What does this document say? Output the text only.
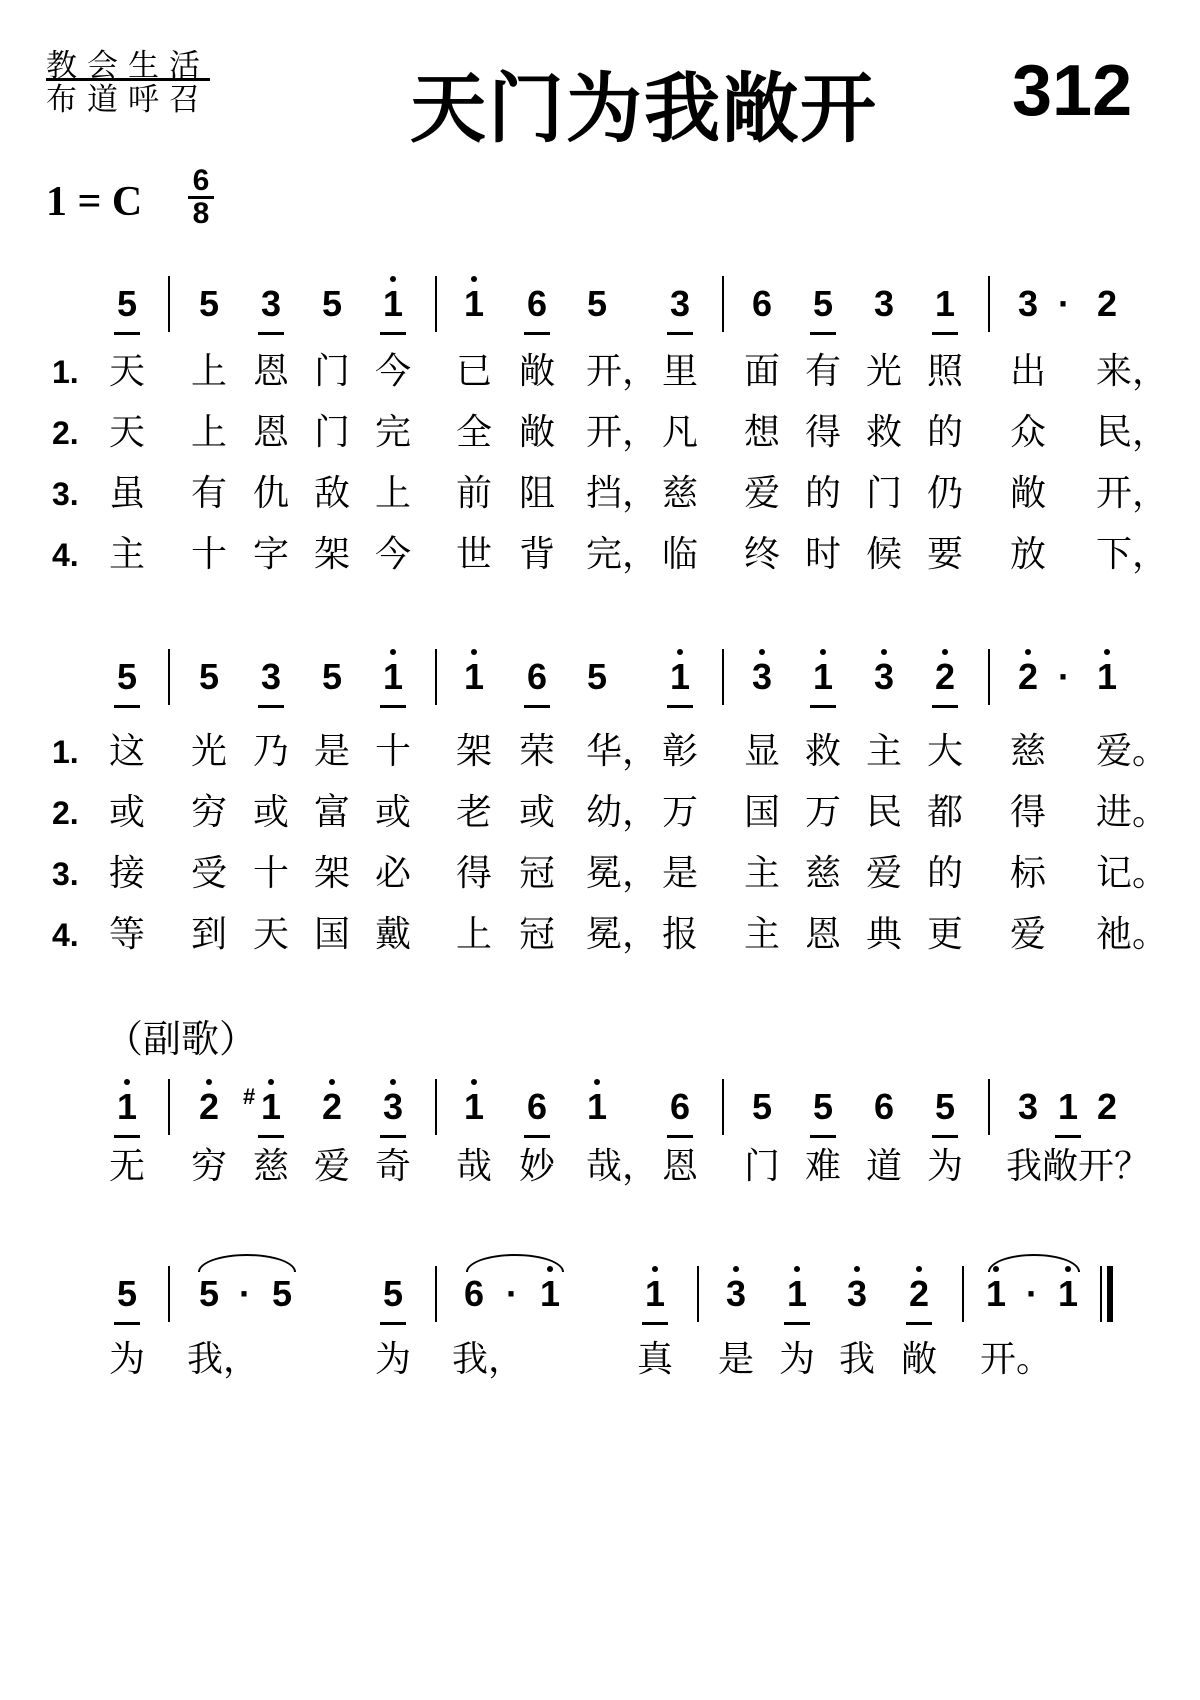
教会生活
布道呼召	天门为我敞开 312
1 = C 6
8
5 5 3 5 1 1 6 5 3 6 5 3 1 3 · 2
1. 天 上 恩 门 今 已 敞 开， 里 面 有 光 照 出 来，
2. 天 上 恩 门 完 全 敞 开， 凡 想 得 救 的 众 民，
3. 虽 有 仇 敌 上 前 阻 挡， 慈 爱 的 门 仍 敞 开，
4. 主 十 字 架 今 世 背 完， 临 终 时 候 要 放 下，
5 5 3 5 1 1 6 5 1 3 1 3 2 2 · 1
1. 这 光 乃 是 十 架 荣 华， 彰 显 救 主 大 慈 爱。
2. 或 穷 或 富 或 老 或 幼， 万 国 万 民 都 得 进。
3. 接 受 十 架 必 得 冠 冕， 是 主 慈 爱 的 标 记。
4. 等 到 天 国 戴 上 冠 冕， 报 主 恩 典 更 爱 祂。
（副歌）
1 2	# 1 2 3 1 6 1 6 5 5 6 5 3 1 2
无 穷 慈 爱 奇 哉 妙 哉， 恩 门 难 道 为 我敞开？
5 5 · 5	5 6 · 1 1 3 1 3 2 1 · 1
为 我，	为 我，	真 是 为 我 敞 开。
